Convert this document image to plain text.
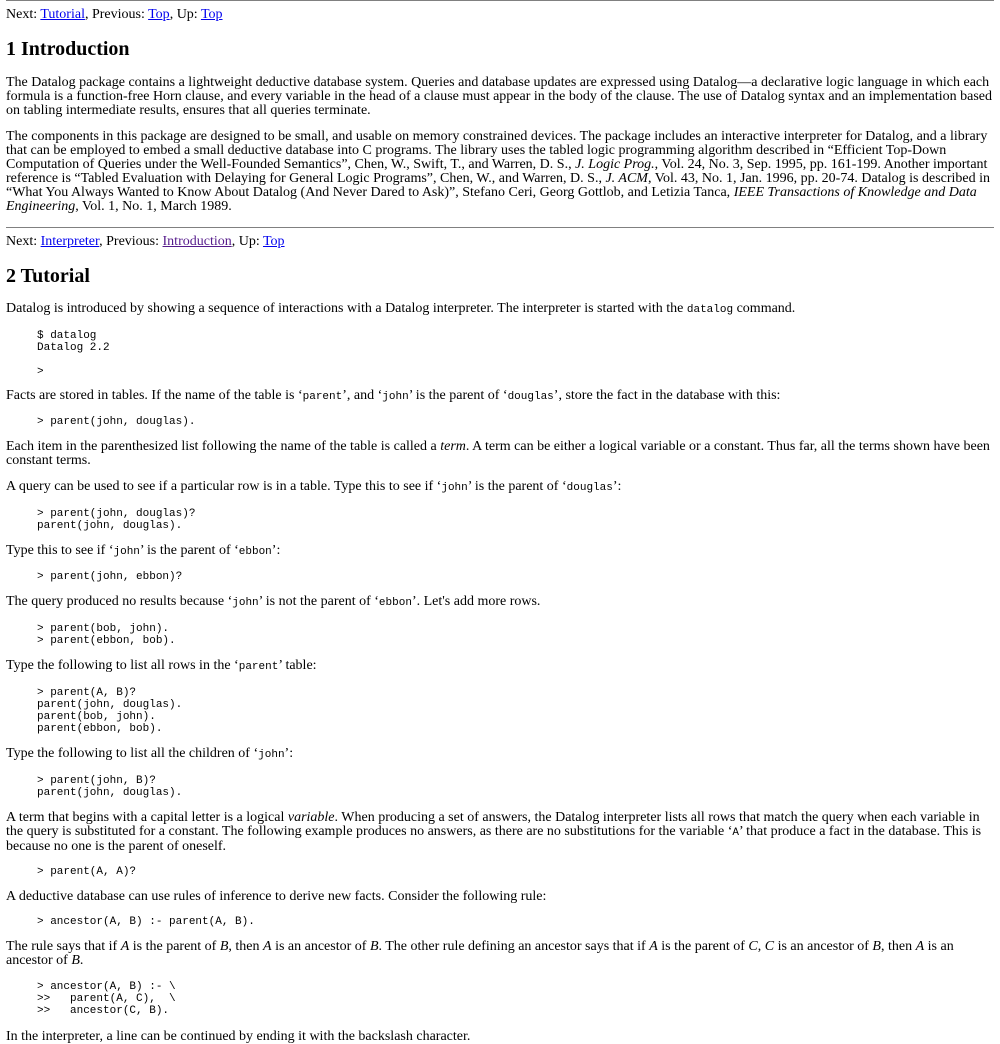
Next: Tutorial, Previous: Top, Up: Top
1 Introduction

The Datalog package contains a lightweight deductive database system. Queries and database updates are expressed using Datalog—a declarative logic language in which each formula is a function-free Horn clause, and every variable in the head of a clause must appear in the body of the clause. The use of Datalog syntax and an implementation based on tabling intermediate results, ensures that all queries terminate.

The components in this package are designed to be small, and usable on memory constrained devices. The package includes an interactive interpreter for Datalog, and a library that can be employed to embed a small deductive database into C programs. The library uses the tabled logic programming algorithm described in “Efficient Top-Down Computation of Queries under the Well-Founded Semantics”, Chen, W., Swift, T., and Warren, D. S., J. Logic Prog., Vol. 24, No. 3, Sep. 1995, pp. 161-199. Another important reference is “Tabled Evaluation with Delaying for General Logic Programs”, Chen, W., and Warren, D. S., J. ACM, Vol. 43, No. 1, Jan. 1996, pp. 20-74. Datalog is described in “What You Always Wanted to Know About Datalog (And Never Dared to Ask)”, Stefano Ceri, Georg Gottlob, and Letizia Tanca, IEEE Transactions of Knowledge and Data Engineering, Vol. 1, No. 1, March 1989.

Next: Interpreter, Previous: Introduction, Up: Top
2 Tutorial

Datalog is introduced by showing a sequence of interactions with a Datalog interpreter. The interpreter is started with the datalog command.

$ datalog
Datalog 2.2

>

Facts are stored in tables. If the name of the table is ‘parent’, and ‘john’ is the parent of ‘douglas’, store the fact in the database with this:

> parent(john, douglas).

Each item in the parenthesized list following the name of the table is called a term. A term can be either a logical variable or a constant. Thus far, all the terms shown have been constant terms.

A query can be used to see if a particular row is in a table. Type this to see if ‘john’ is the parent of ‘douglas’:

> parent(john, douglas)?
parent(john, douglas).

Type this to see if ‘john’ is the parent of ‘ebbon’:

> parent(john, ebbon)?

The query produced no results because ‘john’ is not the parent of ‘ebbon’. Let's add more rows.

> parent(bob, john).
> parent(ebbon, bob).

Type the following to list all rows in the ‘parent’ table:

> parent(A, B)?
parent(john, douglas).
parent(bob, john).
parent(ebbon, bob).

Type the following to list all the children of ‘john’:

> parent(john, B)?
parent(john, douglas).

A term that begins with a capital letter is a logical variable. When producing a set of answers, the Datalog interpreter lists all rows that match the query when each variable in the query is substituted for a constant. The following example produces no answers, as there are no substitutions for the variable ‘A’ that produce a fact in the database. This is because no one is the parent of oneself.

> parent(A, A)?

A deductive database can use rules of inference to derive new facts. Consider the following rule:

> ancestor(A, B) :- parent(A, B).

The rule says that if A is the parent of B, then A is an ancestor of B. The other rule defining an ancestor says that if A is the parent of C, C is an ancestor of B, then A is an ancestor of B.

> ancestor(A, B) :- \
>>   parent(A, C),  \
>>   ancestor(C, B).

In the interpreter, a line can be continued by ending it with the backslash character.
